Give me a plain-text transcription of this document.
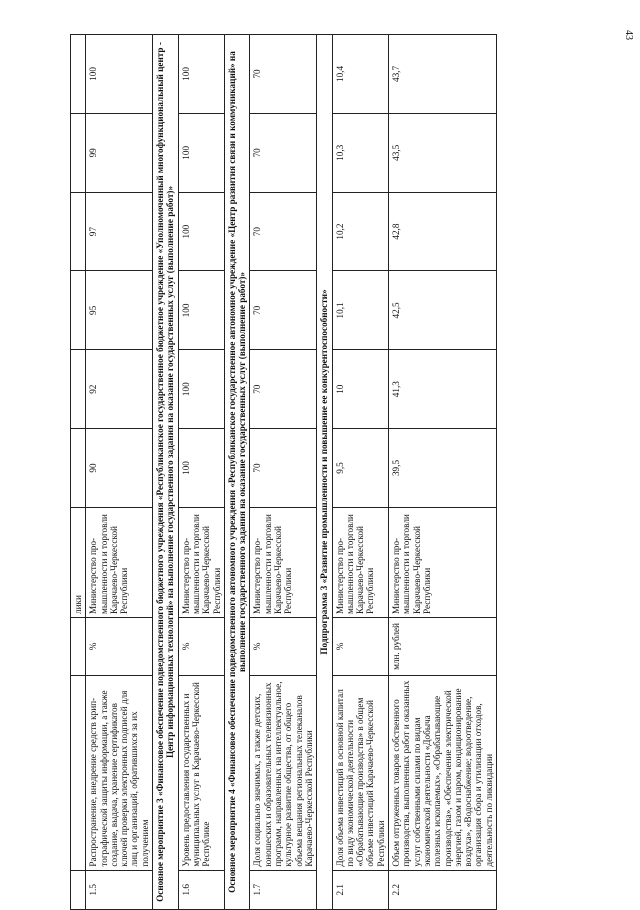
43
			лики						
1.5	Распространение, внедрение средств криптографической защиты информации, а также создание, выдача, хранение сертификатов ключей проверки электронных подписей для лиц и организаций, обратившихся за их получением	%	Министерство промышленности и торговли Карачаево-Черкесской Республики	90	92	95	97	99	100
Основное мероприятие 3 «Финансовое обеспечение подведомственного бюджетного учреждения «Республиканское государственное бюджетное учреждение «Уполномоченный многофункциональный центр - Центр информационных технологий» на выполнение государственного задания на оказание государственных услуг (выполнение работ)»									
1.6	Уровень предоставления государственных и муниципальных услуг в Карачаево-Черкесской Республике	%	Министерство промышленности и торговли Карачаево-Черкесской Республики	100	100	100	100	100	100
Основное мероприятие 4 «Финансовое обеспечение подведомственного автономного учреждения «Республиканское государственное автономное учреждение «Центр развития связи и коммуникаций» на выполнение государственного задания на оказание государственных услуг (выполнение работ)»									
1.7	Доля социально значимых, а также детских, юношеских и образовательных телевизионных программ, направленных на интеллектуальное, культурное развитие общества, от общего объема вещания региональных телеканалов Карачаево-Черкесской Республики	%	Министерство промышленности и торговли Карачаево-Черкесской Республики	70	70	70	70	70	70
Подпрограмма 3 «Развитие промышленности и повышение ее конкурентоспособности»									
2.1	Доля объема инвестиций в основной капитал по виду экономической деятельности «Обрабатывающие производства» в общем объеме инвестиций Карачаево-Черкесской Республики	%	Министерство промышленности и торговли Карачаево-Черкесской Республики	9,5	10	10,1	10,2	10,3	10,4
2.2	Объем отгруженных товаров собственного производства, выполненных работ и оказанных услуг собственными силами по видам экономической деятельности «Добыча полезных ископаемых», «Обрабатывающие производства», «Обеспечение электрической энергией, газом и паром, кондиционирование воздуха», «Водоснабжение; водоотведение, организация сбора и утилизации отходов, деятельность по ликвидации	млн. рублей	Министерство промышленности и торговли Карачаево-Черкесской Республики	39,5	41,3	42,5	42,8	43,5	43,7
